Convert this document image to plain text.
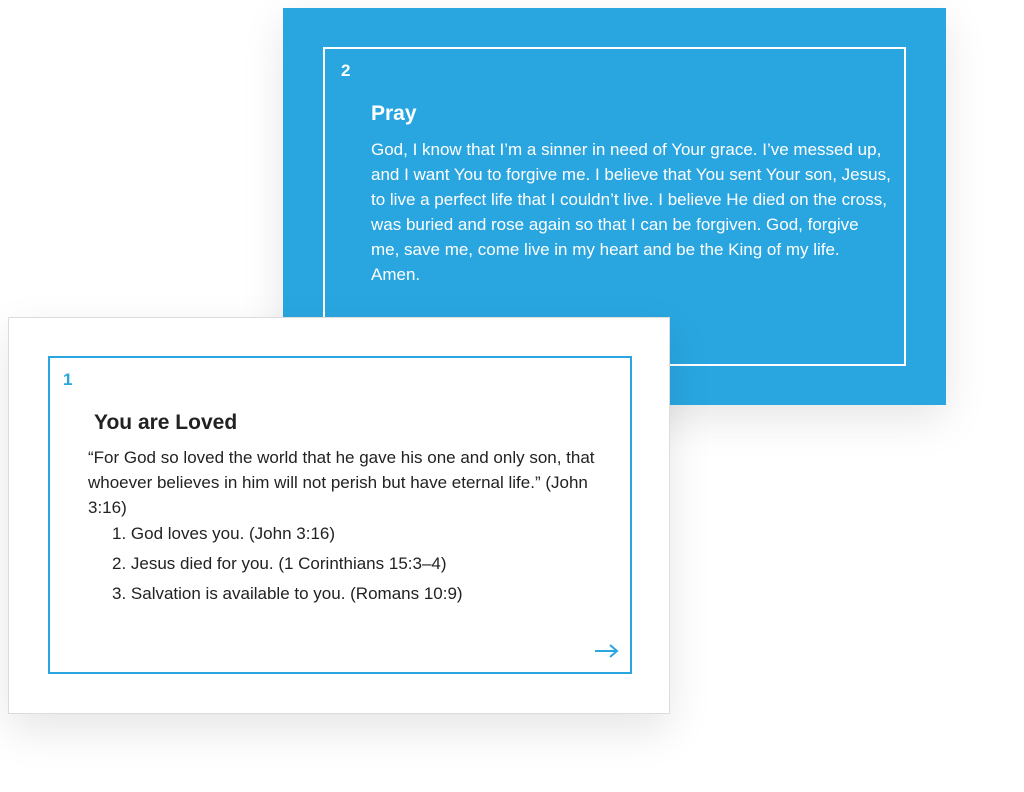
2
Pray

God, I know that I’m a sinner in need of Your grace. I’ve messed up, and I want You to forgive me. I believe that You sent Your son, Jesus, to live a perfect life that I couldn’t live. I believe He died on the cross, was buried and rose again so that I can be forgiven. God, forgive me, save me, come live in my heart and be the King of my life. Amen.

1
You are Loved

“For God so loved the world that he gave his one and only son, that whoever believes in him will not perish but have eternal life.” (John 3:16)

1. God loves you. (John 3:16)
2. Jesus died for you. (1 Corinthians 15:3–4)
3. Salvation is available to you. (Romans 10:9)
